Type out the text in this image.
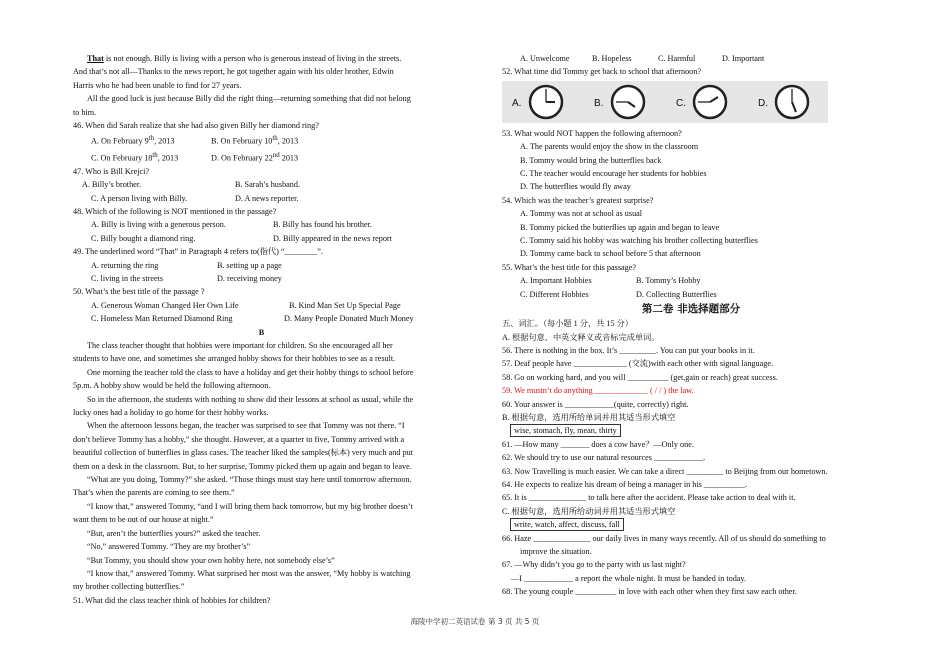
That is not enough. Billy is living with a person who is generous instead of living in the streets.
And that’s not all—Thanks to the news report, he got together again with his older brother, Edwin
Harris who he had been unable to find for 27 years.
All the good luck is just because Billy did the right thing—returning something that did not belong
to him.
46. When did Sarah realize that she had also given Billy her diamond ring?
A. On February 9th, 2013	B. On February 10th, 2013
C. On February 18th, 2013	D. On February 22nd 2013
47. Who is Bill Krejci?
A. Billy’s brother.	B. Sarah’s husband.
C. A person living with Billy.	D. A news reporter.
48. Which of the following is NOT mentioned in the passage?
A. Billy is living with a generous person.	B. Billy has found his brother.
C. Billy bought a diamond ring.	D. Billy appeared in the news report
49. The underlined word “That” in Paragraph 4 refers to(指代) “________”.
A. returning the ring	B. setting up a page
C. living in the streets	D. receiving money
50. What’s the best title of the passage ?
A. Generous Woman Changed Her Own Life	B. Kind Man Set Up Special Page
C. Homeless Man Returned Diamond Ring	D. Many People Donated Much Money
B
The class teacher thought that hobbies were important for children. So she encouraged all her
students to have one, and sometimes she arranged hobby shows for their hobbies to see as a result.
One morning the teacher told the class to have a holiday and get their hobby things to school before
5p.m. A hobby show would be held the following afternoon.
So in the afternoon, the students with nothing to show did their lessons at school as usual, while the
lucky ones had a holiday to go home for their hobby works.
When the afternoon lessons began, the teacher was surprised to see that Tommy was not there. “I
don’t believe Tommy has a hobby,” she thought. However, at a quarter to five, Tommy arrived with a
beautiful collection of butterflies in glass cases. The teacher liked the samples(标本) very much and put
them on a desk in the classroom. But, to her surprise, Tommy picked them up again and began to leave.
“What are you doing, Tommy?” she asked. “Those things must stay here until tomorrow afternoon.
That’s when the parents are coming to see them.”
“I know that,” answered Tommy, “and I will bring them back tomorrow, but my big brother doesn’t
want them to be out of our house at night.”
“But, aren’t the butterflies yours?” asked the teacher.
“No,” answered Tommy. “They are my brother’s”
“But Tommy, you should show your own hobby here, not somebody else’s”
“I know that,” answered Tommy. What surprised her most was the answer, “My hobby is watching
my brother collecting butterflies.”
51. What did the class teacher think of hobbies for children?
A. Unwelcome	B. Hopeless	C. Harmful	D. Important
52. What time did Tommy get back to school that afternoon?
A.	B.	C.	D.
53. What would NOT happen the following afternoon?
A. The parents would enjoy the show in the classroom
B. Tommy would bring the butterflies back
C. The teacher would encourage her students for hobbies
D. The butterflies would fly away
54. Which was the teacher’s greatest surprise?
A. Tommy was not at school as usual
B. Tommy picked the butterflies up again and began to leave
C. Tommy said his hobby was watching his brother collecting butterflies
D. Tommy came back to school before 5 that afternoon
55. What’s the best title for this passage?
A. Important Hobbies	B. Tommy’s Hobby
C. Different Hobbies	D. Collecting Butterflies
第二卷 非选择题部分
五、词汇。（每小题 1 分，共 15 分）
A. 根据句意、中英文释义或音标完成单词。
56. There is nothing in the box. It’s _________. You can put your books in it.
57. Deaf people have _____________ (交流)with each other with signal language.
58. Go on working hard, and you will __________ (get,gain or reach) great success.
59. We mustn’t do anything _____________ ( / / ) the law.
60. Your answer is ____________(quite, correctly) right.
B. 根据句意，选用所给单词并用其适当形式填空
wise, stomach, fly, mean, thirty
61. —How many _______ does a cow have？—Only one.
62. We should try to use our natural resources ____________.
63. Now Travelling is much easier. We can take a direct _________ to Beijing from our hometown.
64. He expects to realize his dream of being a manager in his __________.
65. It is ______________ to talk here after the accident. Please take action to deal with it.
C. 根据句意，选用所给动词并用其适当形式填空
write, watch, affect, discuss, fall
66. Haze ______________ our daily lives in many ways recently. All of us should do something to
improve the situation.
67. —Why didn’t you go to the party with us last night?
—I ____________ a report the whole night. It must be handed in today.
68. The young couple __________ in love with each other when they first saw each other.
海陵中学初二英语试卷 第 3 页 共 5 页
